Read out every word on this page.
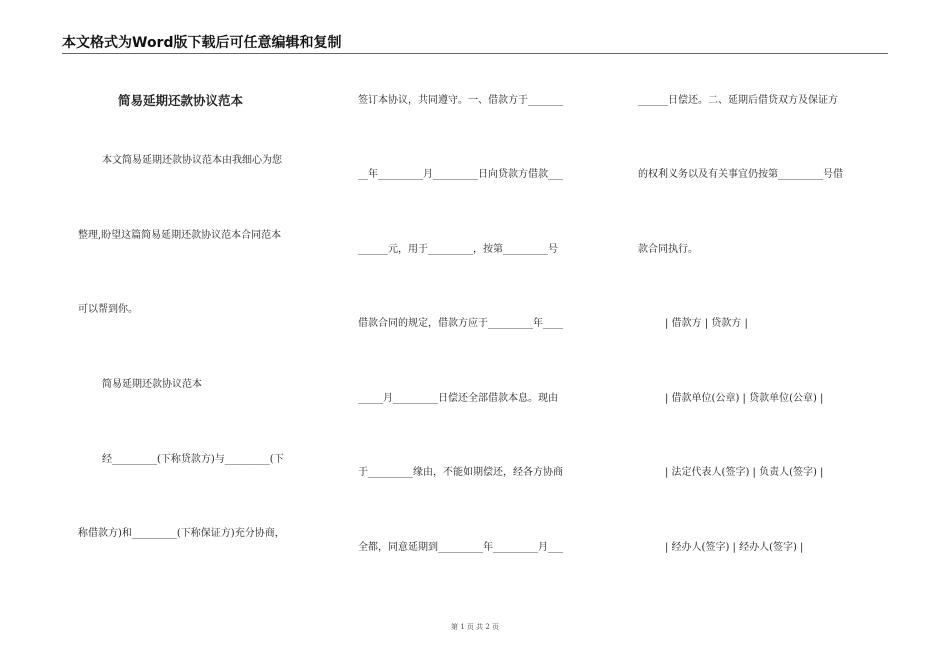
本文格式为Word版下载后可任意编辑和复制
简易延期还款协议范本
本文简易延期还款协议范本由我细心为您
整理,盼望这篇简易延期还款协议范本合同范本
可以帮到你。
简易延期还款协议范本
经_________(下称贷款方)与_________(下
称借款方)和_________(下称保证方)充分协商，
签订本协议，共同遵守。一、借款方于_______
__年_________月_________日向贷款方借款___
______元，用于_________，按第_________号
借款合同的规定，借款方应于_________年____
_____月_________日偿还全部借款本息。现由
于_________缘由，不能如期偿还，经各方协商
全都，同意延期到_________年_________月___
______日偿还。二、延期后借贷双方及保证方
的权利义务以及有关事宜仍按第_________号借
款合同执行。
| 借款方 | 贷款方 |
| 借款单位(公章) | 贷款单位(公章) |
| 法定代表人(签字) | 负责人(签字) |
| 经办人(签字) | 经办人(签字) |
第 1 页 共 2 页
